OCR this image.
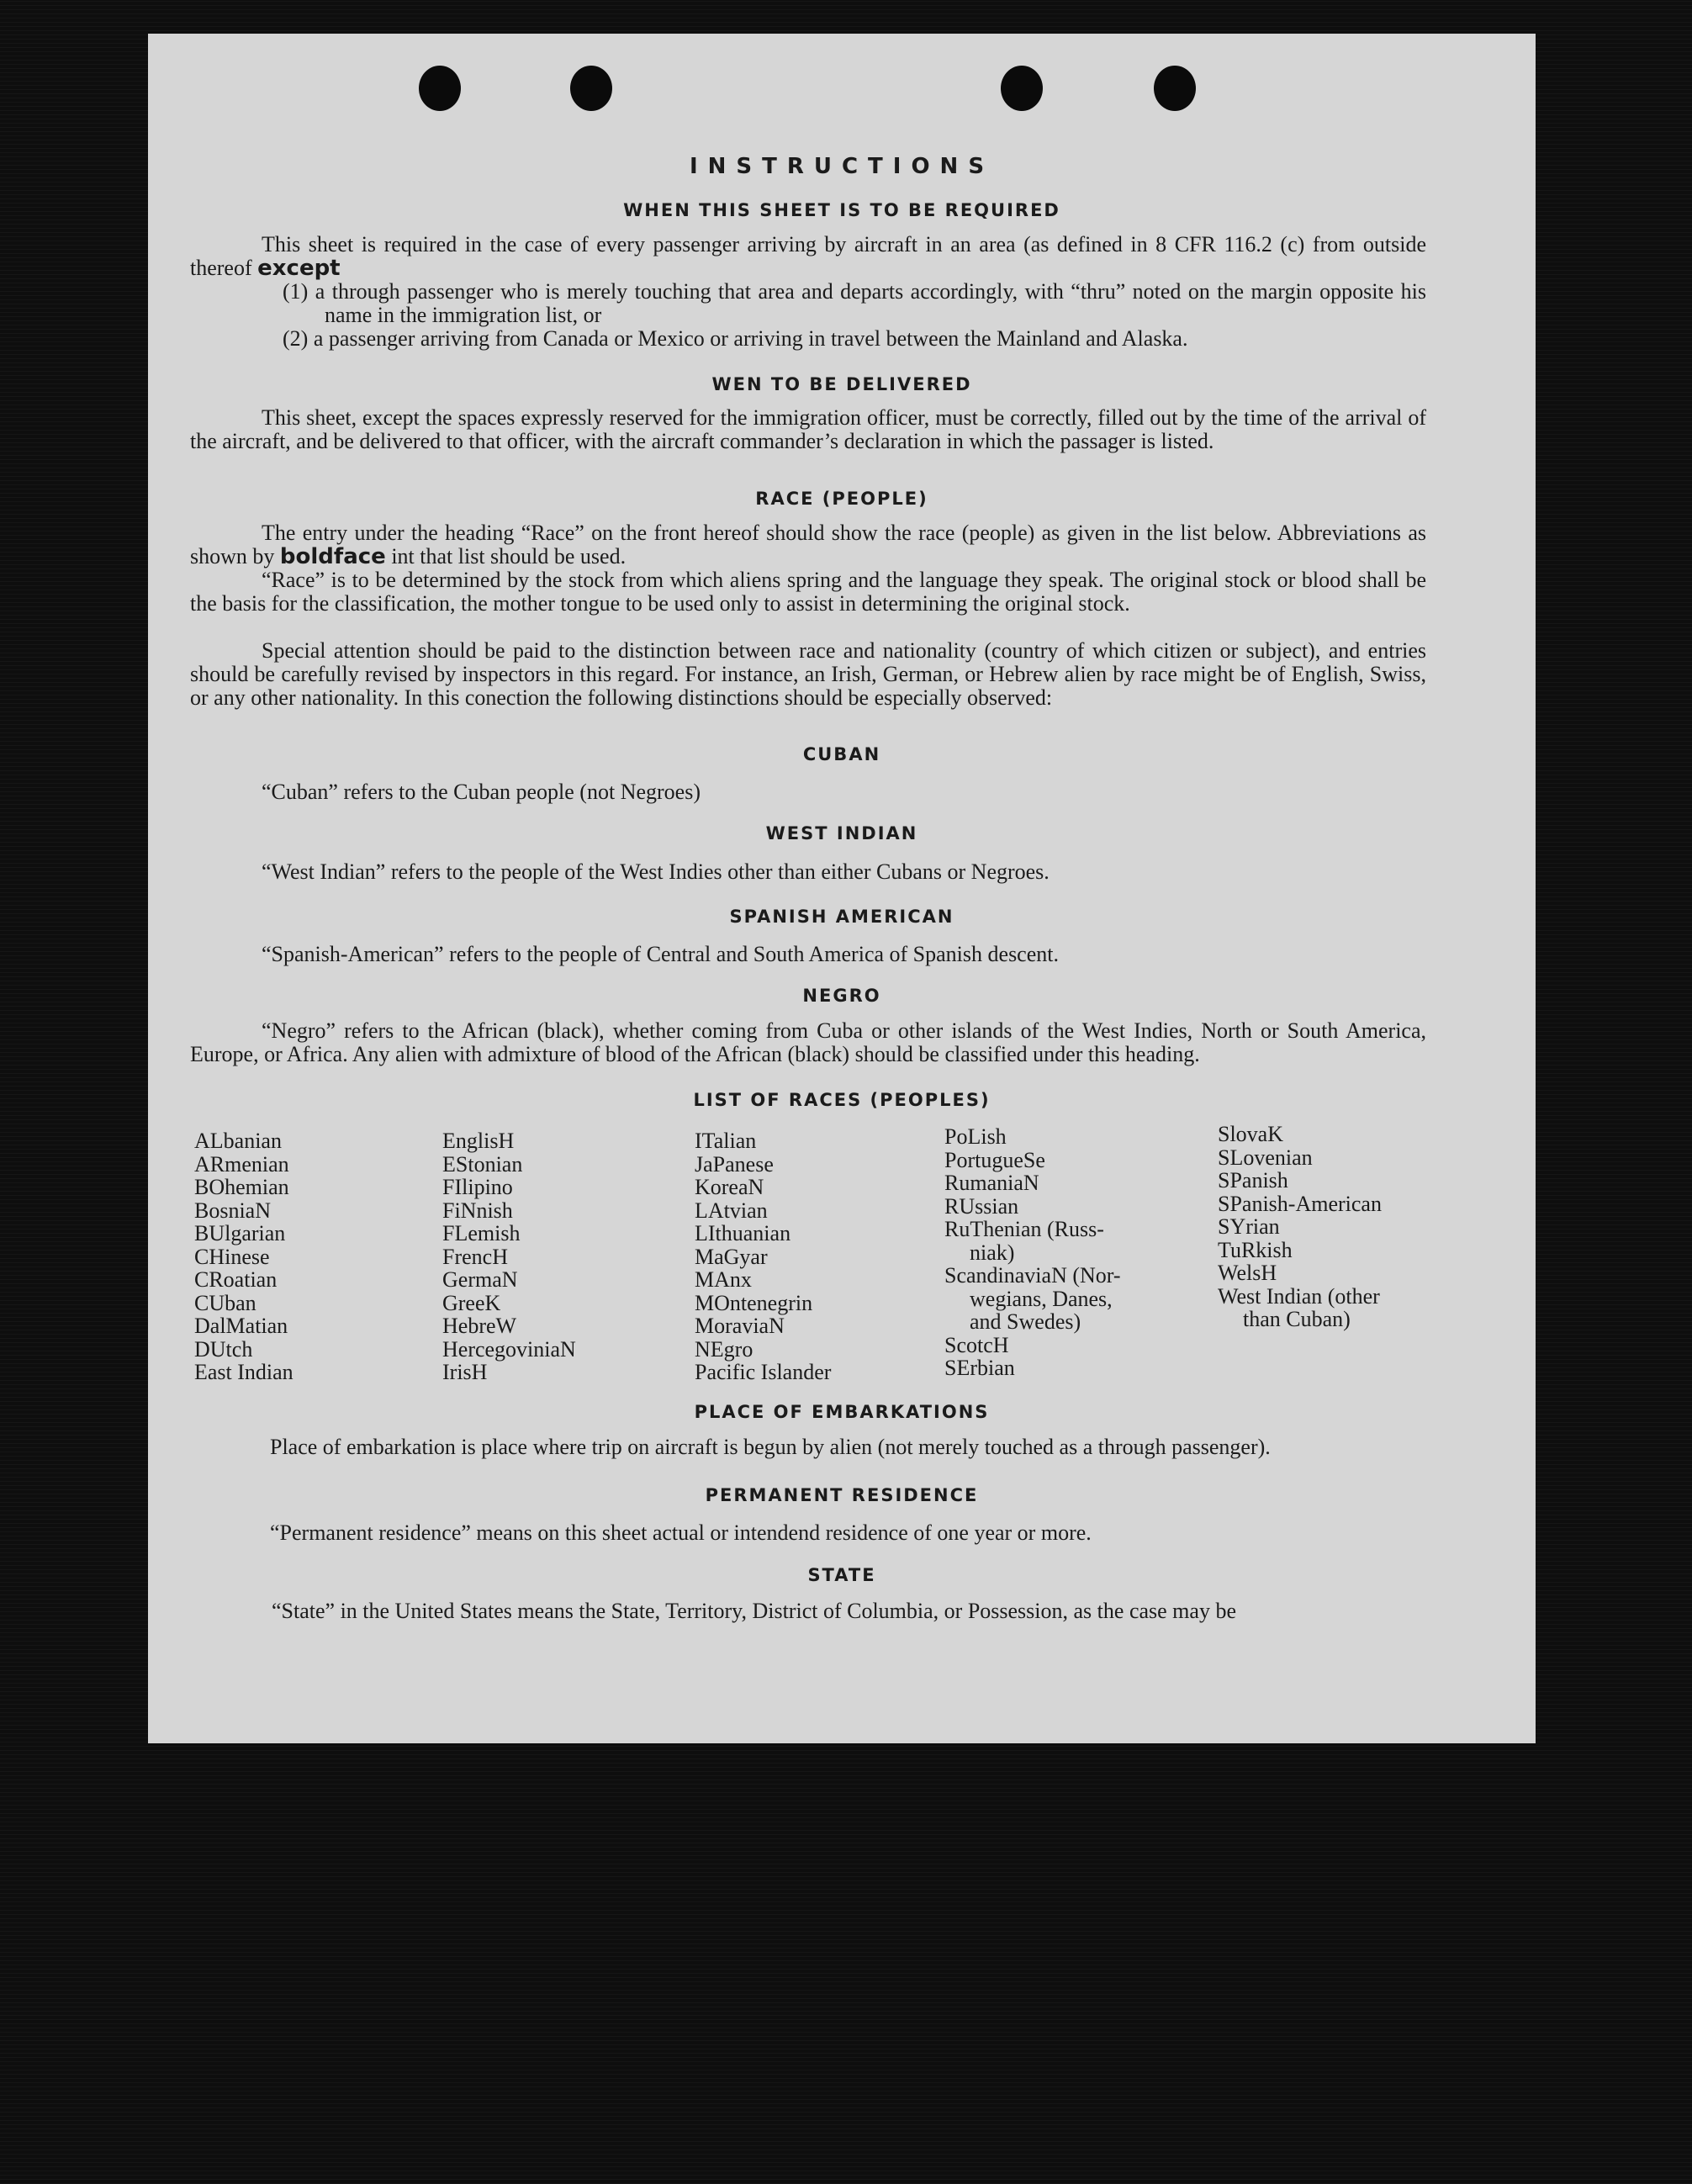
INSTRUCTIONS
WHEN THIS SHEET IS TO BE REQUIRED
This sheet is required in the case of every passenger arriving by aircraft in an area (as defined in 8 CFR 116.2 (c) from outside thereof except
(1) a through passenger who is merely touching that area and departs accordingly, with “thru” noted on the margin opposite his name in the immigration list, or
(2) a passenger arriving from Canada or Mexico or arriving in travel between the Mainland and Alaska.
WEN TO BE DELIVERED
This sheet, except the spaces expressly reserved for the immigration officer, must be correctly, filled out by the time of the arrival of the aircraft, and be delivered to that officer, with the aircraft commander’s declaration in which the passager is listed.
RACE (PEOPLE)
The entry under the heading “Race” on the front hereof should show the race (people) as given in the list below. Abbreviations as shown by boldface int that list should be used.
“Race” is to be determined by the stock from which aliens spring and the language they speak. The original stock or blood shall be the basis for the classification, the mother tongue to be used only to assist in determining the original stock.
Special attention should be paid to the distinction between race and nationality (country of which citizen or subject), and entries should be carefully revised by inspectors in this regard. For instance, an Irish, German, or Hebrew alien by race might be of English, Swiss, or any other nationality. In this conection the following distinctions should be especially observed:
CUBAN
“Cuban” refers to the Cuban people (not Negroes)
WEST INDIAN
“West Indian” refers to the people of the West Indies other than either Cubans or Negroes.
SPANISH AMERICAN
“Spanish-American” refers to the people of Central and South America of Spanish descent.
NEGRO
“Negro” refers to the African (black), whether coming from Cuba or other islands of the West Indies, North or South America, Europe, or Africa. Any alien with admixture of blood of the African (black) should be classified under this heading.
LIST OF RACES (PEOPLES)
ALbanian
ARmenian
BOhemian
BosniaN
BUlgarian
CHinese
CRoatian
CUban
DalMatian
DUtch
East Indian
EnglisH
EStonian
FIlipino
FiNnish
FLemish
FrencH
GermaN
GreeK
HebreW
HercegoviniaN
IrisH
ITalian
JaPanese
KoreaN
LAtvian
LIthuanian
MaGyar
MAnx
MOntenegrin
MoraviaN
NEgro
Pacific Islander
PoLish
PortugueSe
RumaniaN
RUssian
RuThenian (Russ-
niak)
ScandinaviaN (Nor-
wegians, Danes,
and Swedes)
ScotcH
SErbian
SlovaK
SLovenian
SPanish
SPanish-American
SYrian
TuRkish
WelsH
West Indian (other
than Cuban)
PLACE OF EMBARKATIONS
Place of embarkation is place where trip on aircraft is begun by alien (not merely touched as a through passenger).
PERMANENT RESIDENCE
“Permanent residence” means on this sheet actual or intendend residence of one year or more.
STATE
“State” in the United States means the State, Territory, District of Columbia, or Possession, as the case may be
